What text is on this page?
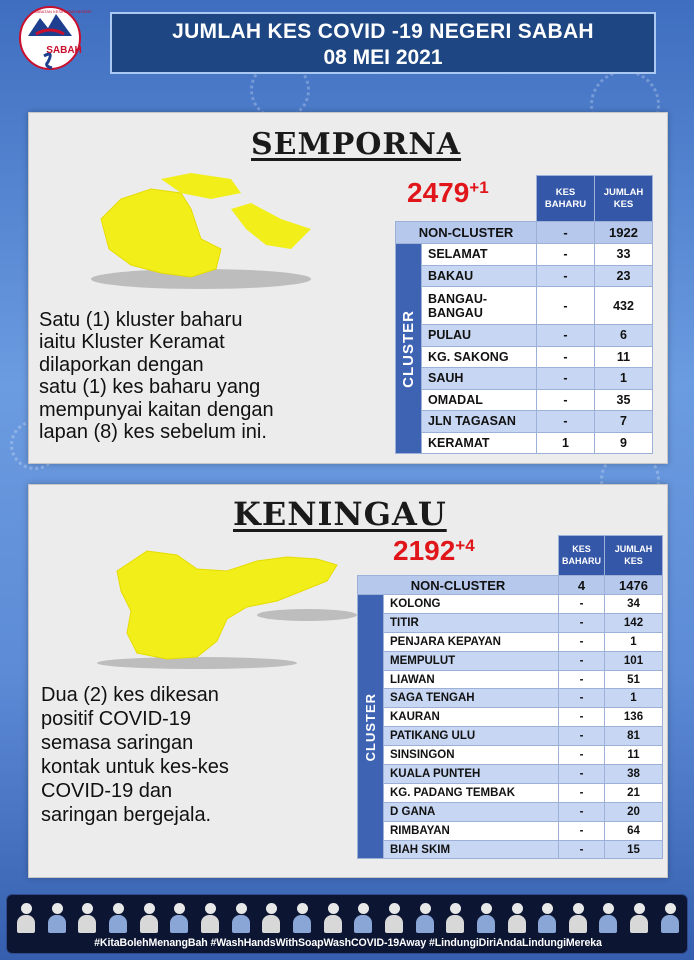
JABATAN KESIHATAN NEGERI
SABAH
JUMLAH KES COVID -19 NEGERI SABAH
08 MEI 2021
SEMPORNA
$2479^{+1}$
Satu (1) kluster baharu
iaitu Kluster Keramat
dilaporkan dengan
satu (1) kes baharu yang
mempunyai kaitan dengan
lapan (8) kes sebelum ini.
		KES
BAHARU	JUMLAH
KES
NON-CLUSTER		-	1922

CLUSTER	SELAMAT	-	33
	BAKAU	-	23
	BANGAU-
BANGAU	-	432
	PULAU	-	6
	KG. SAKONG	-	11
	SAUH	-	1
	OMADAL	-	35
	JLN TAGASAN	-	7
	KERAMAT	1	9
KENINGAU
$2192^{+4}$
Dua (2) kes dikesan
positif COVID-19
semasa saringan
kontak untuk kes-kes
COVID-19 dan
saringan bergejala.
		KES
BAHARU	JUMLAH
KES
NON-CLUSTER		4	1476

CLUSTER	KOLONG	-	34
	TITIR	-	142
	PENJARA KEPAYAN	-	1
	MEMPULUT	-	101
	LIAWAN	-	51
	SAGA TENGAH	-	1
	KAURAN	-	136
	PATIKANG ULU	-	81
	SINSINGON	-	11
	KUALA PUNTEH	-	38
	KG. PADANG TEMBAK	-	21
	D GANA	-	20
	RIMBAYAN	-	64
	BIAH SKIM	-	15
#KitaBolehMenangBah #WashHandsWithSoapWashCOVID-19Away #LindungiDiriAndaLindungiMereka
